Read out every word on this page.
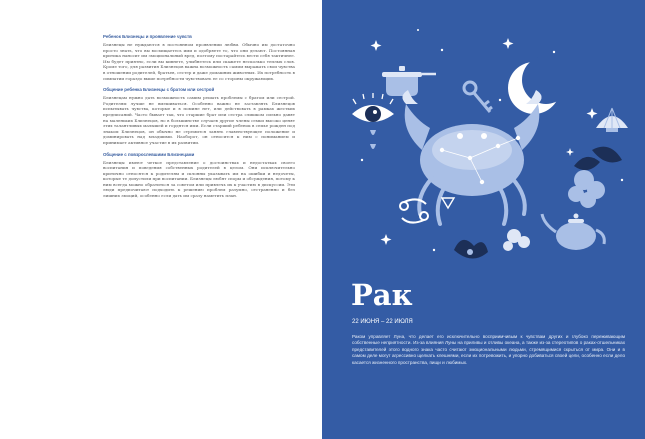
Ребенок Близнецы и проявление чувств

Близнецы не нуждаются в постоянном проявлении любви. Обычно им достаточно просто знать, что вы восхищаетесь ими и одобряете то, что они делают. Постоянная критика наносит им эмоциональный вред, поэтому постарайтесь вести себя тактичнее. Им будет приятно, если вы кивнете, улыбнетесь или скажете несколько теплых слов. Кроме того, для развития Близнецов важна возможность самим выражать свои чувства в отношении родителей, братьев, сестер и даже домашних животных. Их потребность в симпатии гораздо выше потребности чувствовать ее со стороны окружающих.

Общение ребенка Близнецы с братом или сестрой

Близнецам нужно дать возможность самим решать проблемы с братом или сестрой. Родителям лучше не вмешиваться. Особенно важно не заставлять Близнецов испытывать чувства, которые и в помине нет, или действовать в рамках жестких предписаний. Часто бывает так, что старшие брат или сестра слишком сильно давят на маленьких Близнецов, но в большинстве случаев другие члены семьи высоко ценят этих талантливых малышей и гордятся ими. Если старший ребенок в семье рожден под знаком Близнецов, он обычно не стремится занять главенствующее положение и доминировать над младшими. Наоборот, он относится к ним с пониманием и принимает активное участие в их развитии.

Общение с повзрослевшими Близнецами

Близнецы имеют четкое представление о достоинствах и недостатках своего воспитания и поведения собственных родителей в целом. Они исключительно критично относятся к родителям и склонны указывать им на ошибки и недочеты, которые те допустили при воспитании. Близнецы любят споры и обсуждения, потому к ним всегда можно обратиться за советом или привлечь их к участию в дискуссии. Эти люди предпочитают подходить к решению проблем разумно, отстраненно и без лишних эмоций, особенно если дать им сразу наметить план.

Рак
22 ИЮНЯ – 22 ИЮЛЯ

Раком управляет Луна, что делает его исключительно восприимчивым к чувствам других и глубоко переживающим собственные неприятности. Из-за влияния Луны на приливы и отливы океана, а также из-за стереотипов о раках-отшельниках представителей этого водного знака часто считают эмоциональными людьми, стремящимися скрыться от мира. Они и в самом деле могут агрессивно щелкать клешнями, если их потревожить, и упорно добиваться своей цели, особенно если дело касается жизненного пространства, пищи и любимых.
